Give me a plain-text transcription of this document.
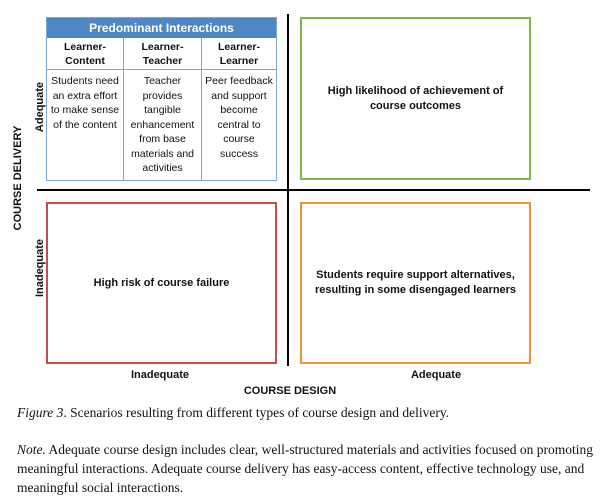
Predominant Interactions
Learner-
Content
Students need
an extra effort
to make sense
of the content
Learner-
Teacher
Teacher
provides
tangible
enhancement
from base
materials and
activities
Learner-
Learner
Peer feedback
and support
become
central to
course
success
High likelihood of achievement of
course outcomes
High risk of course failure
Students require support alternatives,
resulting in some disengaged learners
COURSE DELIVERY
Adequate
Inadequate
Inadequate	Adequate
COURSE DESIGN
Figure 3. Scenarios resulting from different types of course design and delivery.
Note. Adequate course design includes clear, well-structured materials and activities focused on promoting meaningful interactions. Adequate course delivery has easy-access content, effective technology use, and meaningful social interactions.
